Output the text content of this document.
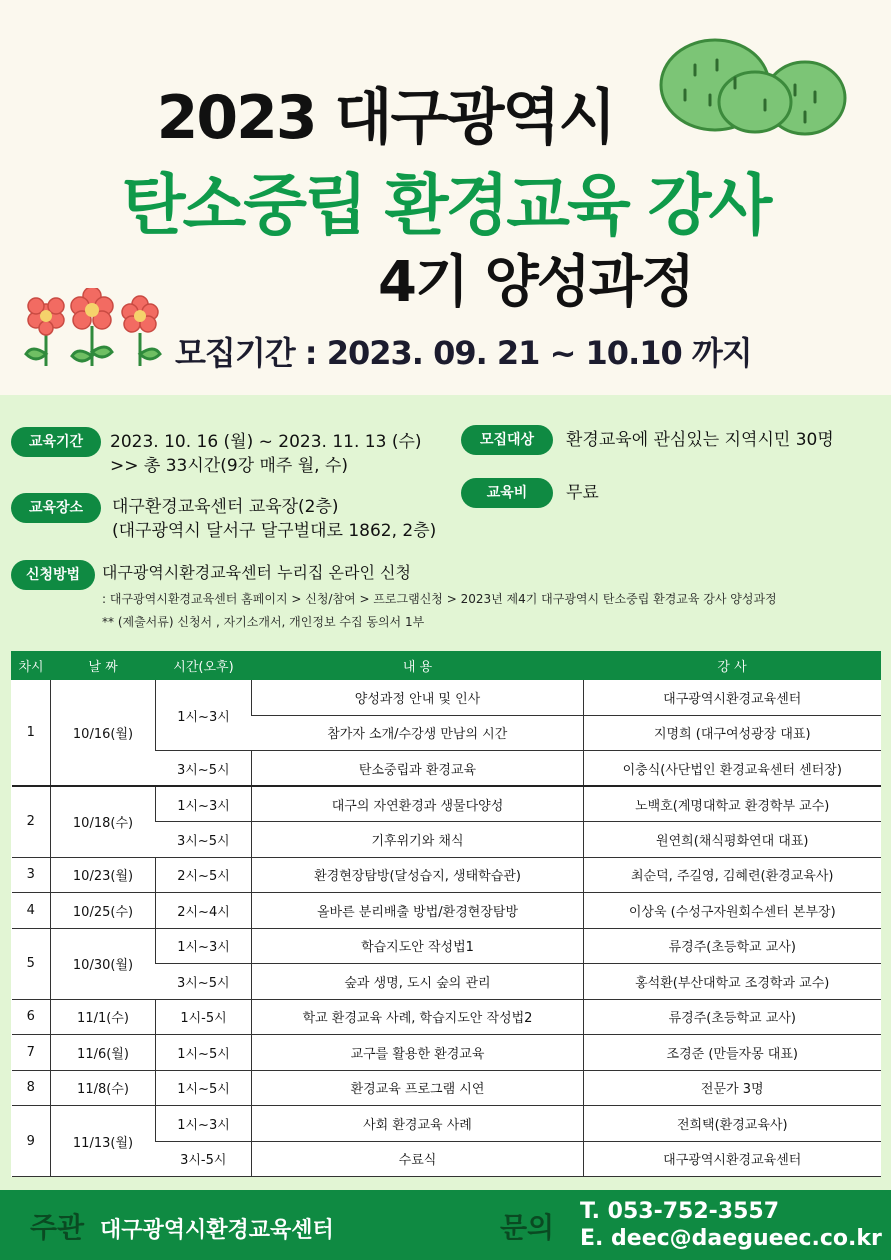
2023 대구광역시
탄소중립 환경교육 강사
4기 양성과정
모집기간 : 2023. 09. 21 ~ 10.10 까지
교육기간	2023. 10. 16 (월) ~ 2023. 11. 13 (수)
>> 총 33시간(9강 매주 월, 수)
모집대상	환경교육에 관심있는 지역시민 30명
교육비	무료
교육장소	대구환경교육센터 교육장(2층)
(대구광역시 달서구 달구벌대로 1862, 2층)
신청방법	대구광역시환경교육센터 누리집 온라인 신청
: 대구광역시환경교육센터 홈페이지 > 신청/참여 > 프로그램신청 > 2023년 제4기 대구광역시 탄소중립 환경교육 강사 양성과정
** (제출서류) 신청서 , 자기소개서, 개인정보 수집 동의서 1부
차시	날 짜	시간(오후)	내 용	강 사
1	10/16(월)	1시~3시	양성과정 안내 및 인사	대구광역시환경교육센터
			참가자 소개/수강생 만남의 시간	지명희 (대구여성광장 대표)
		3시~5시	탄소중립과 환경교육	이충식(사단법인 환경교육센터 센터장)
2	10/18(수)	1시~3시	대구의 자연환경과 생물다양성	노백호(계명대학교 환경학부 교수)
		3시~5시	기후위기와 채식	원연희(채식평화연대 대표)
3	10/23(월)	2시~5시	환경현장탐방(달성습지, 생태학습관)	최순덕, 주길영, 김혜련(환경교육사)
4	10/25(수)	2시~4시	올바른 분리배출 방법/환경현장탐방	이상욱 (수성구자원회수센터 본부장)
5	10/30(월)	1시~3시	학습지도안 작성법1	류경주(초등학교 교사)
		3시~5시	숲과 생명, 도시 숲의 관리	홍석환(부산대학교 조경학과 교수)
6	11/1(수)	1시-5시	학교 환경교육 사례, 학습지도안 작성법2	류경주(초등학교 교사)
7	11/6(월)	1시~5시	교구를 활용한 환경교육	조경준 (만들자몽 대표)
8	11/8(수)	1시~5시	환경교육 프로그램 시연	전문가 3명
9	11/13(월)	1시~3시	사회 환경교육 사례	전희택(환경교육사)
		3시-5시	수료식	대구광역시환경교육센터
주관 대구광역시환경교육센터	문의 T. 053-752-3557
E. deec@daegueec.co.kr
